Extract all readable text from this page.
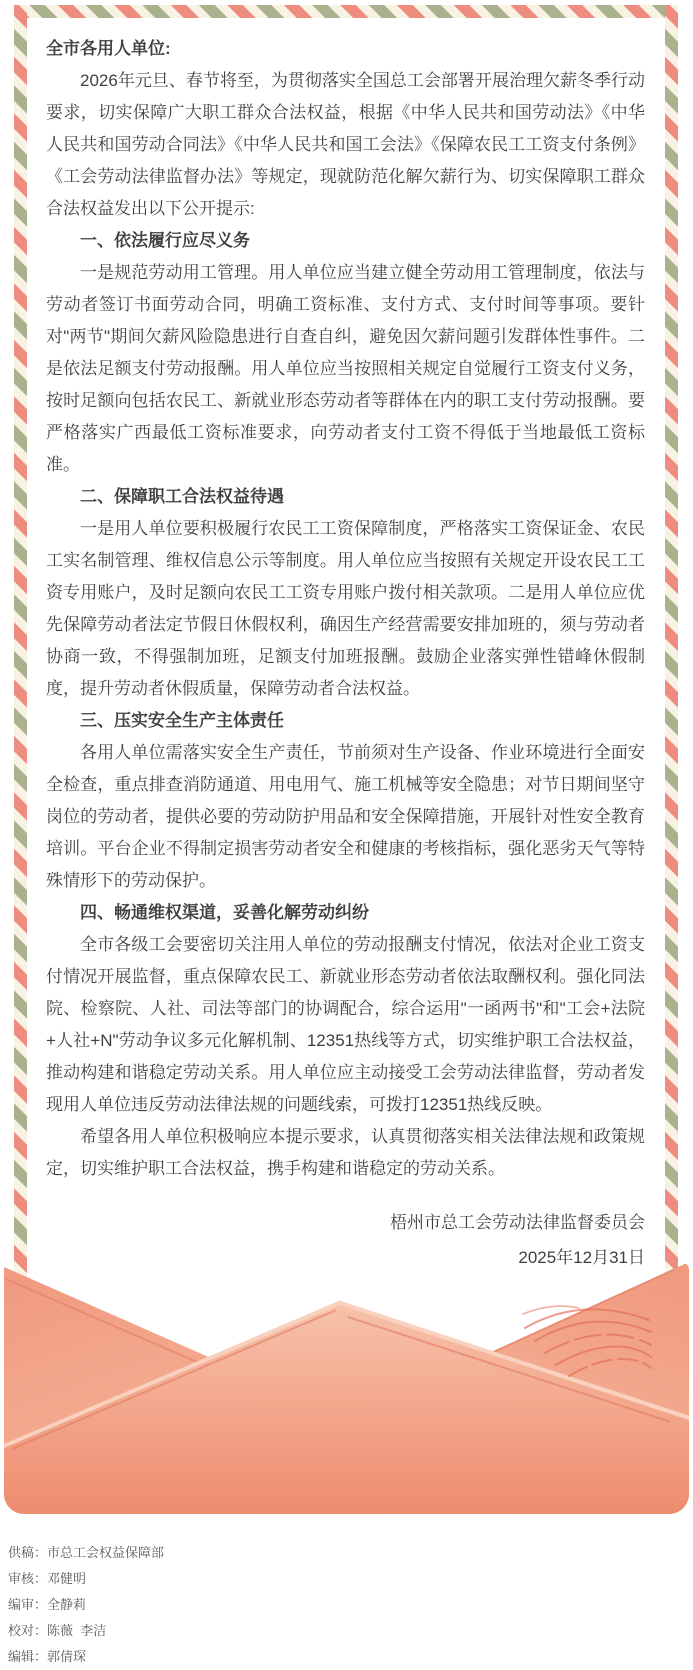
全市各用人单位:

2026年元旦、春节将至，为贯彻落实全国总工会部署开展治理欠薪冬季行动要求，切实保障广大职工群众合法权益，根据《中华人民共和国劳动法》《中华人民共和国劳动合同法》《中华人民共和国工会法》《保障农民工工资支付条例》《工会劳动法律监督办法》等规定，现就防范化解欠薪行为、切实保障职工群众合法权益发出以下公开提示:

一、依法履行应尽义务

一是规范劳动用工管理。用人单位应当建立健全劳动用工管理制度，依法与劳动者签订书面劳动合同，明确工资标准、支付方式、支付时间等事项。要针对"两节"期间欠薪风险隐患进行自查自纠，避免因欠薪问题引发群体性事件。二是依法足额支付劳动报酬。用人单位应当按照相关规定自觉履行工资支付义务，按时足额向包括农民工、新就业形态劳动者等群体在内的职工支付劳动报酬。要严格落实广西最低工资标准要求，向劳动者支付工资不得低于当地最低工资标准。

二、保障职工合法权益待遇

一是用人单位要积极履行农民工工资保障制度，严格落实工资保证金、农民工实名制管理、维权信息公示等制度。用人单位应当按照有关规定开设农民工工资专用账户，及时足额向农民工工资专用账户拨付相关款项。二是用人单位应优先保障劳动者法定节假日休假权利，确因生产经营需要安排加班的，须与劳动者协商一致，不得强制加班，足额支付加班报酬。鼓励企业落实弹性错峰休假制度，提升劳动者休假质量，保障劳动者合法权益。

三、压实安全生产主体责任

各用人单位需落实安全生产责任，节前须对生产设备、作业环境进行全面安全检查，重点排查消防通道、用电用气、施工机械等安全隐患；对节日期间坚守岗位的劳动者，提供必要的劳动防护用品和安全保障措施，开展针对性安全教育培训。平台企业不得制定损害劳动者安全和健康的考核指标，强化恶劣天气等特殊情形下的劳动保护。

四、畅通维权渠道，妥善化解劳动纠纷

全市各级工会要密切关注用人单位的劳动报酬支付情况，依法对企业工资支付情况开展监督，重点保障农民工、新就业形态劳动者依法取酬权利。强化同法院、检察院、人社、司法等部门的协调配合，综合运用"一函两书"和"工会+法院+人社+N"劳动争议多元化解机制、12351热线等方式，切实维护职工合法权益，推动构建和谐稳定劳动关系。用人单位应主动接受工会劳动法律监督，劳动者发现用人单位违反劳动法律法规的问题线索，可拨打12351热线反映。

希望各用人单位积极响应本提示要求，认真贯彻落实相关法律法规和政策规定，切实维护职工合法权益，携手构建和谐稳定的劳动关系。

梧州市总工会劳动法律监督委员会

2025年12月31日

供稿：市总工会权益保障部

审核：邓健明

编审：全静莉

校对：陈薇  李洁

编辑：郭倩琛
